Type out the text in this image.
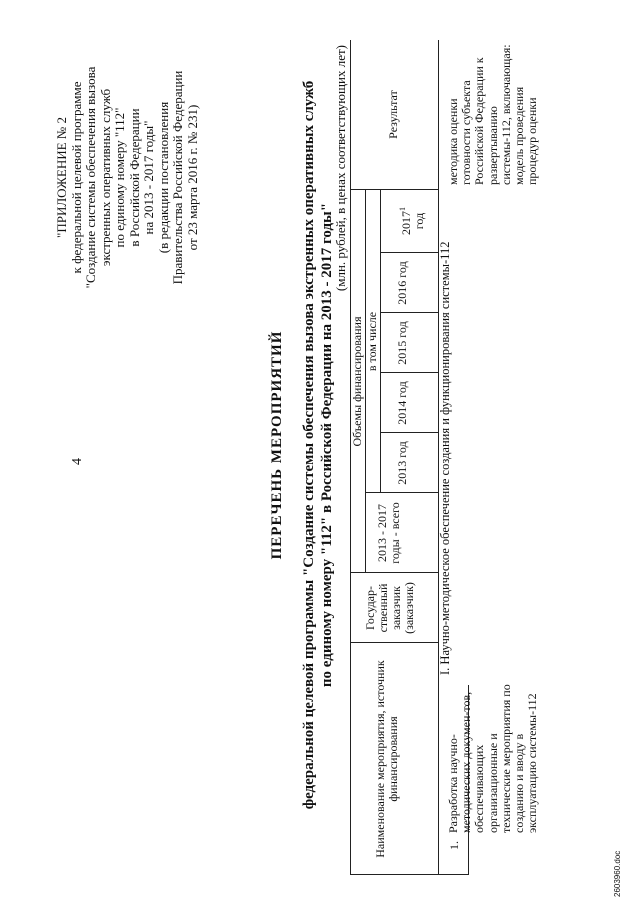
4
"ПРИЛОЖЕНИЕ № 2 к федеральной целевой программе "Создание системы обеспечения вызова экстренных оперативных служб по единому номеру "112" в Российской Федерации на 2013 - 2017 годы" (в редакции постановления Правительства Российской Федерации от 23 марта 2016 г. № 231)
ПЕРЕЧЕНЬ МЕРОПРИЯТИЙ федеральной целевой программы "Создание системы обеспечения вызова экстренных оперативных служб по единому номеру "112" в Российской Федерации на 2013 - 2017 годы"
(млн. рублей, в ценах соответствующих лет)
Наименование мероприятия, источник финансирования
Государ-ственный заказчик (заказчик)
Объемы финансирования
2013 - 2017 годы - всего
в том числе
2013 год
2014 год
2015 год
2016 год
2017$^1$
год
Результат
I. Научно-методическое обеспечение создания и функционирования системы-112
1.
Разработка научно-методических докумен-тов, обеспечивающих организационные и технические мероприятия по созданию и вводу в эксплуатацию системы-112
методика оценки готовности субъекта Российской Федерации к развертыванию системы-112, включающая: модель проведения процедур оценки
2603960.doc
